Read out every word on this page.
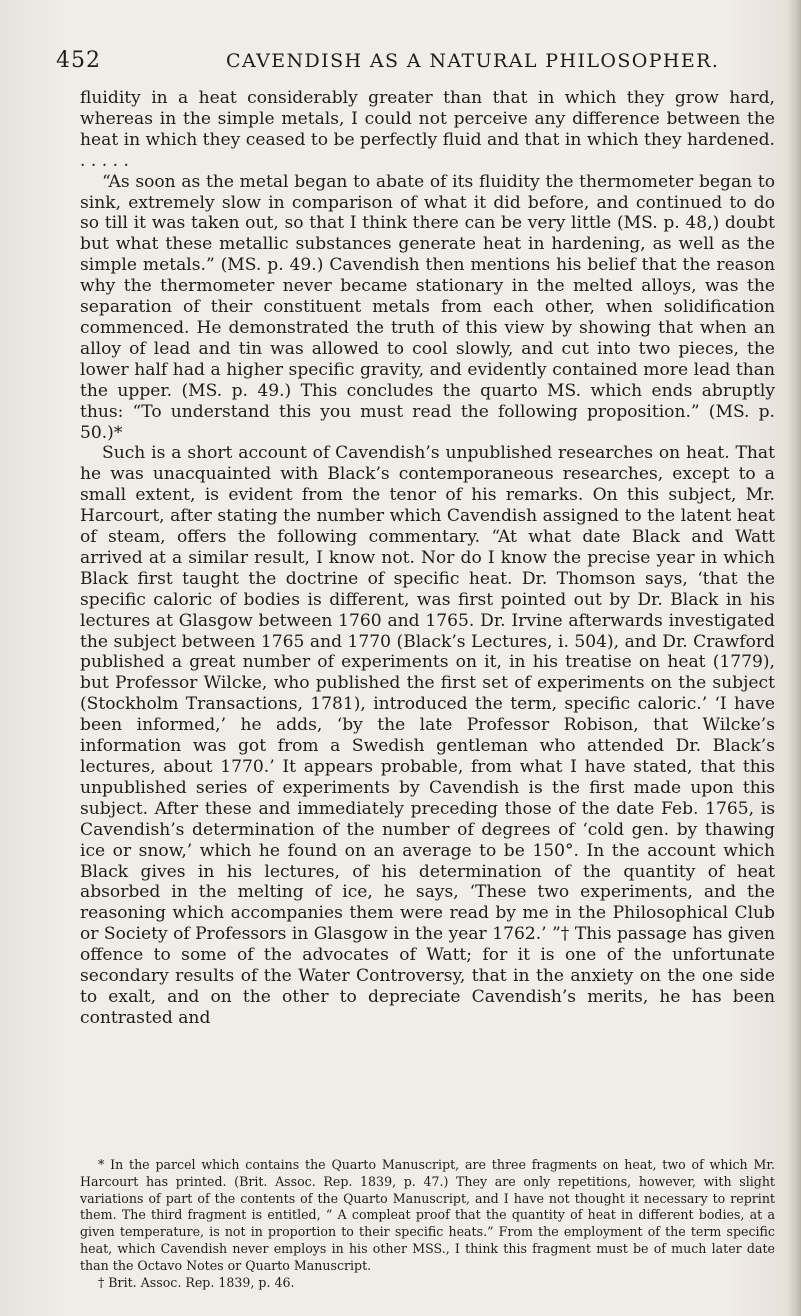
452	CAVENDISH AS A NATURAL PHILOSOPHER.

fluidity in a heat considerably greater than that in which they grow hard, whereas in the simple metals, I could not perceive any difference between the heat in which they ceased to be perfectly fluid and that in which they hardened. . . . . .

“As soon as the metal began to abate of its fluidity the thermometer began to sink, extremely slow in comparison of what it did before, and continued to do so till it was taken out, so that I think there can be very little (MS. p. 48,) doubt but what these metallic substances generate heat in hardening, as well as the simple metals.” (MS. p. 49.) Cavendish then mentions his belief that the reason why the thermometer never became stationary in the melted alloys, was the separation of their constituent metals from each other, when solidification commenced. He demonstrated the truth of this view by showing that when an alloy of lead and tin was allowed to cool slowly, and cut into two pieces, the lower half had a higher specific gravity, and evidently contained more lead than the upper. (MS. p. 49.) This concludes the quarto MS. which ends abruptly thus: “To understand this you must read the following proposition.” (MS. p. 50.)*

Such is a short account of Cavendish’s unpublished researches on heat. That he was unacquainted with Black’s contemporaneous researches, except to a small extent, is evident from the tenor of his remarks. On this subject, Mr. Harcourt, after stating the number which Cavendish assigned to the latent heat of steam, offers the following commentary. “At what date Black and Watt arrived at a similar result, I know not. Nor do I know the precise year in which Black first taught the doctrine of specific heat. Dr. Thomson says, ‘that the specific caloric of bodies is different, was first pointed out by Dr. Black in his lectures at Glasgow between 1760 and 1765. Dr. Irvine afterwards investigated the subject between 1765 and 1770 (Black’s Lectures, i. 504), and Dr. Crawford published a great number of experiments on it, in his treatise on heat (1779), but Professor Wilcke, who published the first set of experiments on the subject (Stockholm Transactions, 1781), introduced the term, specific caloric.’ ‘I have been informed,’ he adds, ‘by the late Professor Robison, that Wilcke’s information was got from a Swedish gentleman who attended Dr. Black’s lectures, about 1770.’ It appears probable, from what I have stated, that this unpublished series of experiments by Cavendish is the first made upon this subject. After these and immediately preceding those of the date Feb. 1765, is Cavendish’s determination of the number of degrees of ‘cold gen. by thawing ice or snow,’ which he found on an average to be 150°. In the account which Black gives in his lectures, of his determination of the quantity of heat absorbed in the melting of ice, he says, ‘These two experiments, and the reasoning which accompanies them were read by me in the Philosophical Club or Society of Professors in Glasgow in the year 1762.’ ”† This passage has given offence to some of the advocates of Watt; for it is one of the unfortunate secondary results of the Water Controversy, that in the anxiety on the one side to exalt, and on the other to depreciate Cavendish’s merits, he has been contrasted and

* In the parcel which contains the Quarto Manuscript, are three fragments on heat, two of which Mr. Harcourt has printed. (Brit. Assoc. Rep. 1839, p. 47.) They are only repetitions, however, with slight variations of part of the contents of the Quarto Manuscript, and I have not thought it necessary to reprint them. The third fragment is entitled, “ A compleat proof that the quantity of heat in different bodies, at a given temperature, is not in proportion to their specific heats.” From the employment of the term specific heat, which Cavendish never employs in his other MSS., I think this fragment must be of much later date than the Octavo Notes or Quarto Manuscript.

† Brit. Assoc. Rep. 1839, p. 46.
